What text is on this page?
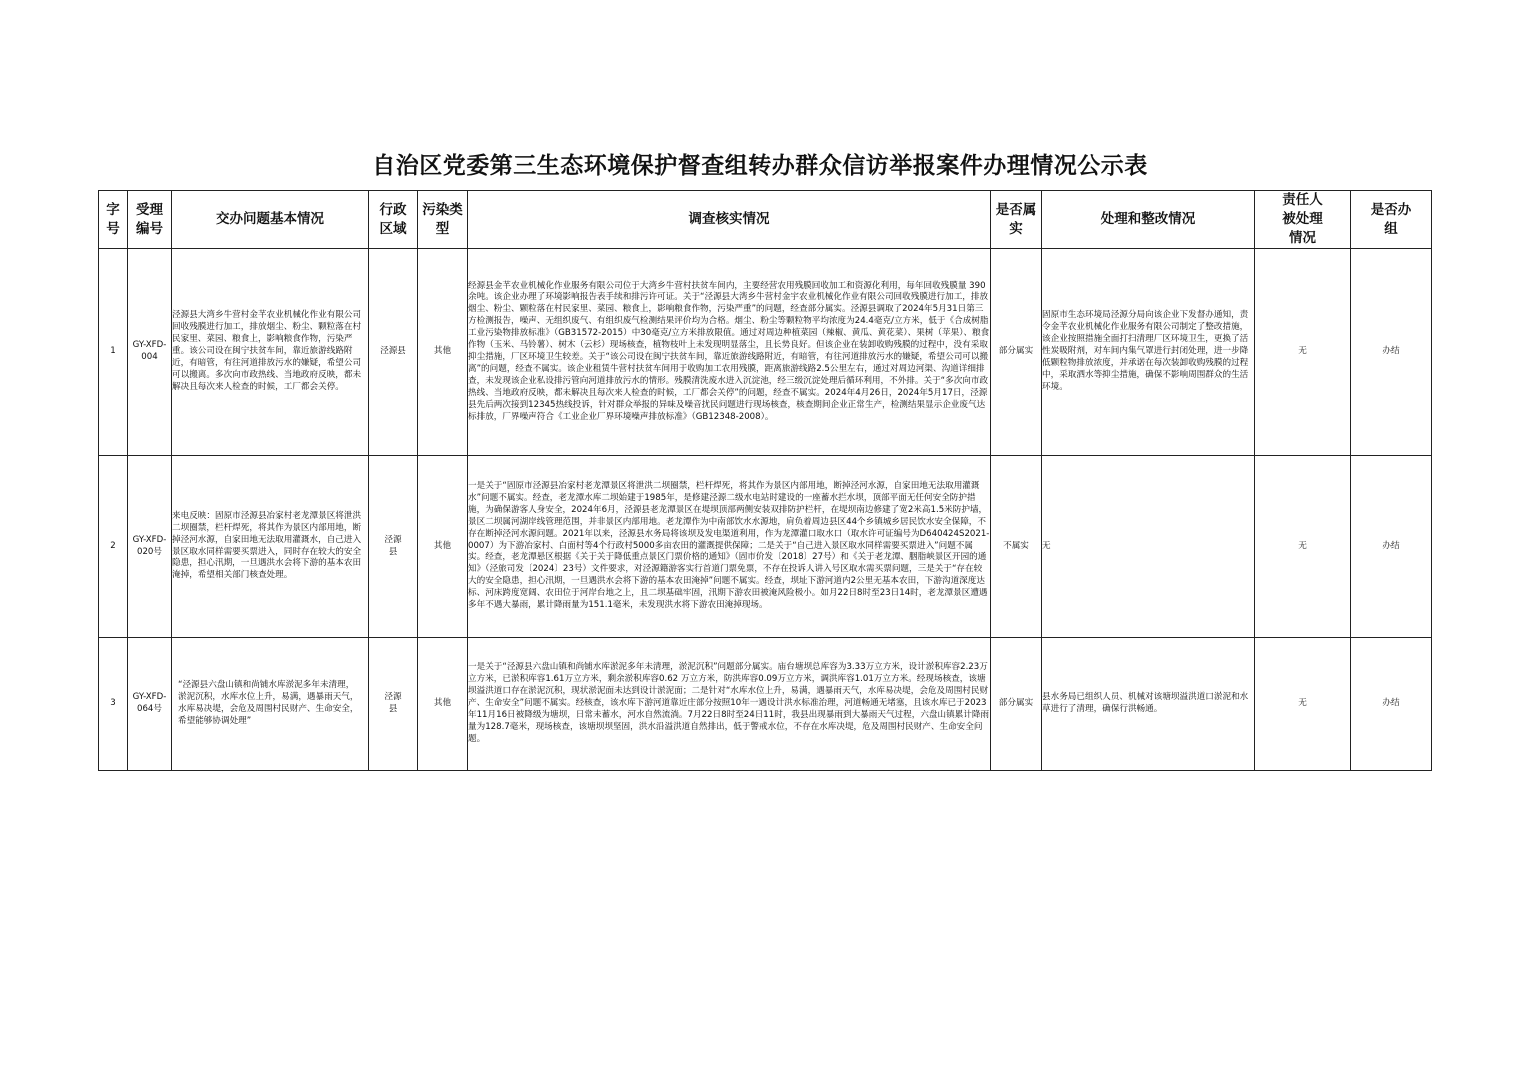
自治区党委第三生态环境保护督查组转办群众信访举报案件办理情况公示表
字号	受理编号	交办问题基本情况	行政区域	污染类型	调查核实情况	是否属实	处理和整改情况	责任人被处理情况	是否办组
1	GY-XFD-004	泾源县大湾乡牛营村金芊农业机械化作业有限公司回收残膜进行加工，排放烟尘、粉尘、颗粒落在村民家里、菜园、粮食上，影响粮食作物，污染严重。该公司设在闽宁扶贫车间，靠近旅游线路附近，有暗管，有往河道排放污水的嫌疑，希望公司可以搬离。多次向市政热线、当地政府反映，都未解决且每次来人检查的时候，工厂都会关停。	泾源县	其他	经源县金芊农业机械化作业服务有限公司位于大湾乡牛营村扶贫车间内，主要经营农用残膜回收加工和资源化利用，每年回收残膜量 390余吨。该企业办理了环境影响报告表手续和排污许可证。关于“泾源县大湾乡牛营村金宇农业机械化作业有限公司回收残膜进行加工，排放烟尘、粉尘、颗粒落在村民家里、菜园、粮食上，影响粮食作物，污染严重”的问题，经查部分属实。泾源县调取了2024年5月31日第三方检测报告，噪声、无组织废气、有组织废气检测结果评价均为合格。烟尘、粉尘等颗粒物平均浓度为24.4毫克/立方米，低于《合成树脂工业污染物排放标准》（GB31572-2015）中30毫克/立方米排放限值。通过对周边种植菜园（辣椒、黄瓜、黄花菜）、果树（苹果）、粮食作物（玉米、马铃薯）、树木（云杉）现场核查，植物枝叶上未发现明显落尘，且长势良好。但该企业在装卸收购残膜的过程中，没有采取抑尘措施，厂区环境卫生较差。关于“该公司设在闽宁扶贫车间，靠近旅游线路附近，有暗管，有往河道排放污水的嫌疑，希望公司可以搬离”的问题，经查不属实。该企业租赁牛营村扶贫车间用于收购加工农用残膜，距离旅游线路2.5公里左右，通过对周边河渠、沟道详细排查，未发现该企业私设排污管向河道排放污水的情形。残膜清洗废水进入沉淀池，经三级沉淀处理后循环利用，不外排。关于“多次向市政热线、当地政府反映，都未解决且每次来人检查的时候，工厂都会关停”的问题，经查不属实。2024年4月26日，2024年5月17日，泾源县先后两次接到12345热线投诉，针对群众举报的异味及噪音扰民问题进行现场核查，核查期间企业正常生产，检测结果显示企业废气达标排放，厂界噪声符合《工业企业厂界环境噪声排放标准》（GB12348-2008）。	部分属实	固原市生态环境局泾源分局向该企业下发督办通知，责令金芊农业机械化作业服务有限公司制定了整改措施，该企业按照措施全面打扫清理厂区环境卫生，更换了活性炭吸附剂，对车间内集气罩进行封闭处理，进一步降低颗粒物排放浓度，并承诺在每次装卸收购残膜的过程中，采取洒水等抑尘措施，确保不影响周围群众的生活环境。	无	办结
2	GY-XFD-020号	来电反映：固原市泾源县冶家村老龙潭景区将泄洪二坝圈禁，栏杆焊死，将其作为景区内部用地，断掉泾河水源，自家田地无法取用灌溉水，自己进入景区取水同样需要买票进入，同时存在较大的安全隐患，担心汛期，一旦遇洪水会将下游的基本农田淹掉，希望相关部门核查处理。	泾源县	其他	一是关于“固原市泾源县冶家村老龙潭景区将泄洪二坝圈禁，栏杆焊死，将其作为景区内部用地，断掉泾河水源，自家田地无法取用灌溉水”问题不属实。经查，老龙潭水库二坝始建于1985年，是修建泾源二级水电站时建设的一座蓄水拦水坝，顶部平面无任何安全防护措施，为确保游客人身安全，2024年6月，泾源县老龙潭景区在堤坝顶部两侧安装双排防护栏杆，在堤坝南边修建了宽2米高1.5米防护墙，景区二坝属河湖岸线管理范围，并非景区内部用地。老龙潭作为中南部饮水水源地，肩负着周边县区44个乡镇城乡居民饮水安全保障，不存在断掉泾河水源问题。2021年以来，泾源县水务局将该坝及发电渠道利用，作为龙潭灌口取水口（取水许可证编号为D640424S2021-0007）为下游冶家村、白面村等4个行政村5000多亩农田的灌溉提供保障；二是关于“自己进入景区取水同样需要买票进入”问题不属实。经查，老龙潭悬区根据《关于关于降低重点景区门票价格的通知》（固市价发〔2018〕27号）和《关于老龙潭、胭脂峡景区开园的通知》（泾旅司发〔2024〕23号）文件要求，对泾源籍游客实行首道门票免票，不存在投诉人讲入号区取水需买票问题，三是关于“存在较大的安全隐患，担心汛期，一旦遇洪水会将下游的基本农田淹掉”问题不属实。经查，坝址下游河道内2公里无基本农田，下游沟道深度达标、河床跨度宽阔、农田位于河岸台地之上，且二坝基础牢固，汛期下游农田被淹风险极小。如月22日8时至23日14时，老龙潭景区遭遇多年不遇大暴雨，累计降雨量为151.1毫米，未发现洪水将下游农田淹掉现场。	不属实	无	无	办结
3	GY-XFD-064号	“泾源县六盘山镇和尚铺水库淤泥多年未清理，淤泥沉积，水库水位上升，易满，遇暴雨天气，水库易决堤，会危及周围村民财产、生命安全，希望能够协调处理”	泾源县	其他	一是关于“泾源县六盘山镇和尚铺水库淤泥多年未清理，淤泥沉积”问题部分属实。庙台塘坝总库容为3.33万立方米，设计淤积库容2.23万立方米，已淤积库容1.61万立方米，剩余淤积库容0.62 万立方米，防洪库容0.09万立方米，调洪库容1.01万立方米。经现场核查，该塘坝溢洪道口存在淤泥沉积，现状淤泥面未达到设计淤泥面；二是针对“水库水位上升，易满，遇暴雨天气，水库易决堤，会危及周围村民财产、生命安全”问题不属实。经核查，该水库下游河道靠近庄部分按照10年一遇设计洪水标准治理，河道畅通无堵塞，且该水库已于2023年11月16日被降级为塘坝，日常未蓄水，河水自然流淌。7月22日8时至24日11时，我县出现暴雨到大暴雨天气过程，六盘山镇累计降雨量为128.7毫米，现场核查，该塘坝坝坚固，洪水沿溢洪道自然排出，低于警戒水位，不存在水库决堤，危及周围村民财产、生命安全问题。	部分属实	县水务局已组织人员、机械对该塘坝溢洪道口淤泥和水草进行了清理，确保行洪畅通。	无	办结
